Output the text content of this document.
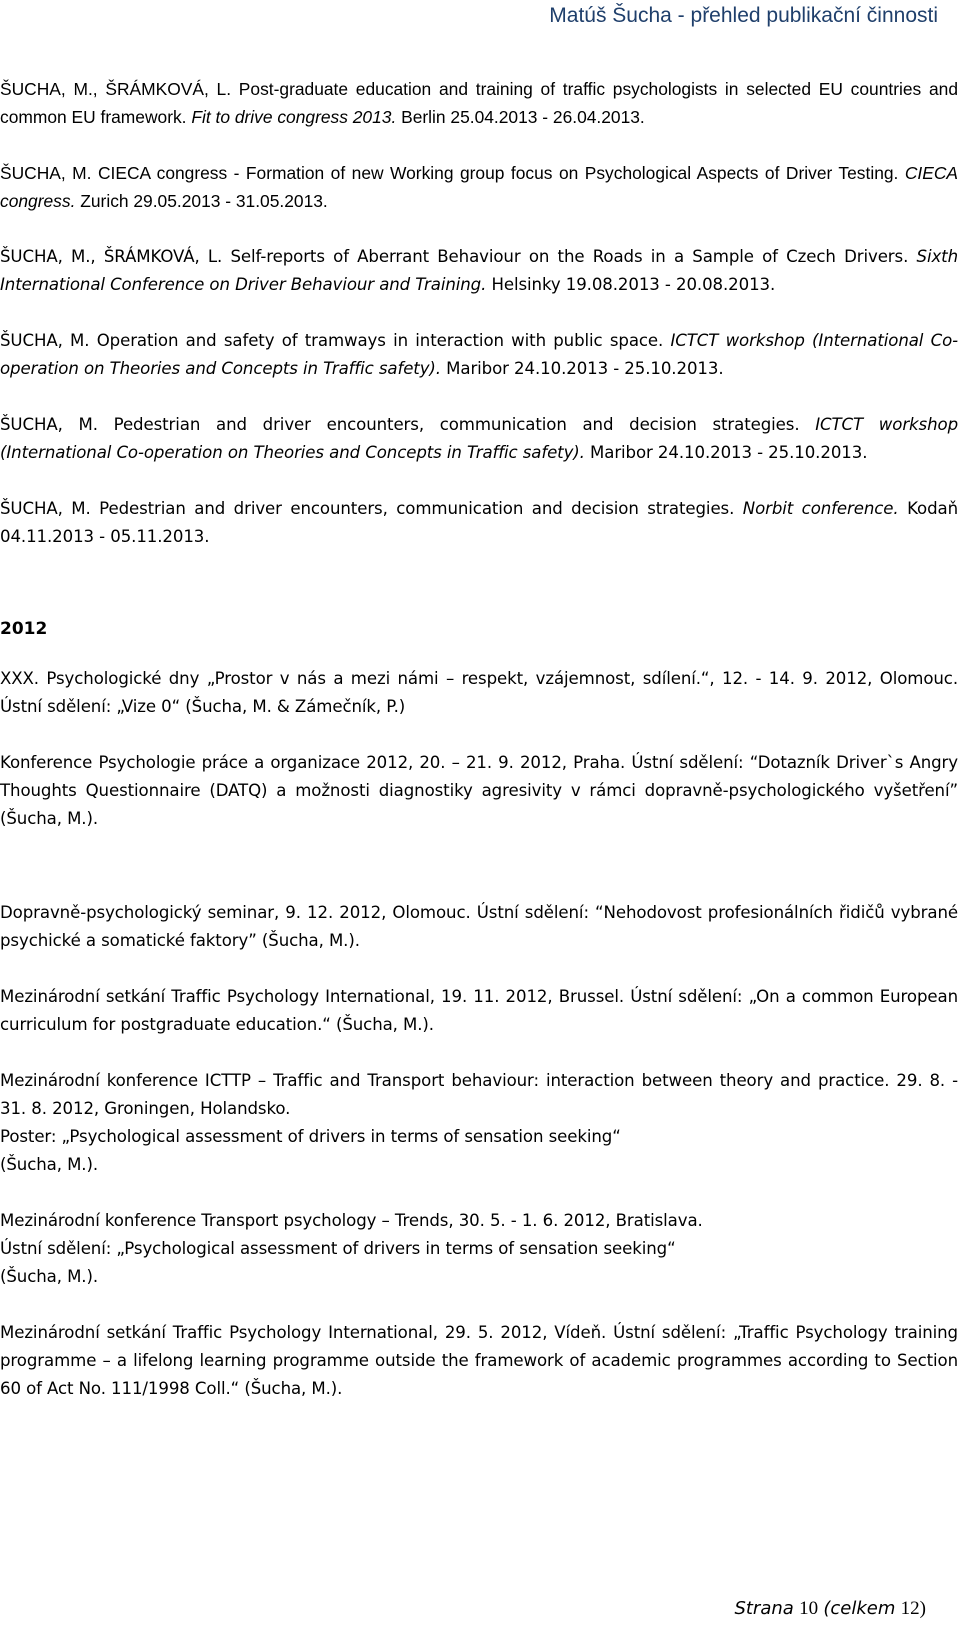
Matúš Šucha - přehled publikační činnosti

ŠUCHA, M., ŠRÁMKOVÁ, L. Post-graduate education and training of traffic psychologists in selected EU countries and common EU framework. Fit to drive congress 2013. Berlin 25.04.2013 - 26.04.2013.

ŠUCHA, M. CIECA congress - Formation of new Working group focus on Psychological Aspects of Driver Testing. CIECA congress. Zurich 29.05.2013 - 31.05.2013.

ŠUCHA, M., ŠRÁMKOVÁ, L. Self-reports of Aberrant Behaviour on the Roads in a Sample of Czech Drivers. Sixth International Conference on Driver Behaviour and Training. Helsinky 19.08.2013 - 20.08.2013.

ŠUCHA, M. Operation and safety of tramways in interaction with public space. ICTCT workshop (International Co-operation on Theories and Concepts in Traffic safety). Maribor 24.10.2013 - 25.10.2013.

ŠUCHA, M. Pedestrian and driver encounters, communication and decision strategies. ICTCT workshop (International Co-operation on Theories and Concepts in Traffic safety). Maribor 24.10.2013 - 25.10.2013.

ŠUCHA, M. Pedestrian and driver encounters, communication and decision strategies. Norbit conference. Kodaň 04.11.2013 - 05.11.2013.

2012

XXX. Psychologické dny „Prostor v nás a mezi námi – respekt, vzájemnost, sdílení.“, 12. - 14. 9. 2012, Olomouc. Ústní sdělení: „Vize 0“ (Šucha, M. & Zámečník, P.)

Konference Psychologie práce a organizace 2012, 20. – 21. 9. 2012, Praha. Ústní sdělení: “Dotazník Driver`s Angry Thoughts Questionnaire (DATQ) a možnosti diagnostiky agresivity v rámci dopravně-psychologického vyšetření” (Šucha, M.).

Dopravně-psychologický seminar, 9. 12. 2012, Olomouc. Ústní sdělení: “Nehodovost profesionálních řidičů vybrané psychické a somatické faktory” (Šucha, M.).

Mezinárodní setkání Traffic Psychology International, 19. 11. 2012, Brussel. Ústní sdělení: „On a common European curriculum for postgraduate education.“ (Šucha, M.).

Mezinárodní konference ICTTP – Traffic and Transport behaviour: interaction between theory and practice. 29. 8. - 31. 8. 2012, Groningen, Holandsko.

Poster: „Psychological assessment of drivers in terms of sensation seeking“

(Šucha, M.).

Mezinárodní konference Transport psychology – Trends, 30. 5. - 1. 6. 2012, Bratislava.

Ústní sdělení: „Psychological assessment of drivers in terms of sensation seeking“

(Šucha, M.).

Mezinárodní setkání Traffic Psychology International, 29. 5. 2012, Vídeň. Ústní sdělení: „Traffic Psychology training programme – a lifelong learning programme outside the framework of academic programmes according to Section 60 of Act No. 111/1998 Coll.“ (Šucha, M.).

Strana 10 (celkem 12)
